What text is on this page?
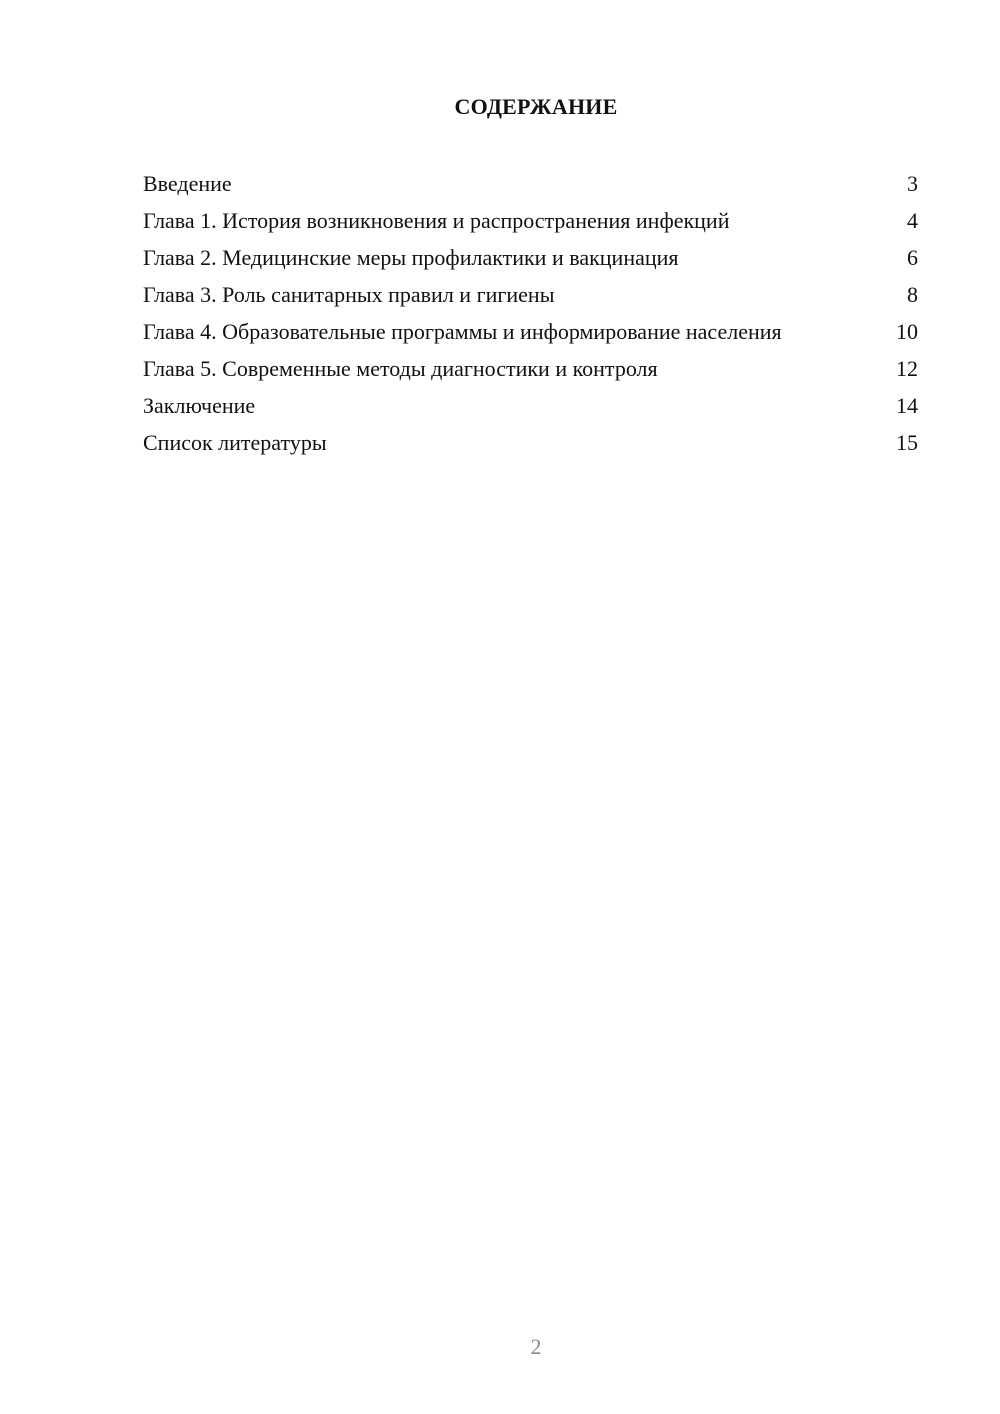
СОДЕРЖАНИЕ
Введение	3
Глава 1. История возникновения и распространения инфекций	4
Глава 2. Медицинские меры профилактики и вакцинация	6
Глава 3. Роль санитарных правил и гигиены	8
Глава 4. Образовательные программы и информирование населения	10
Глава 5. Современные методы диагностики и контроля	12
Заключение	14
Список литературы	15
2
